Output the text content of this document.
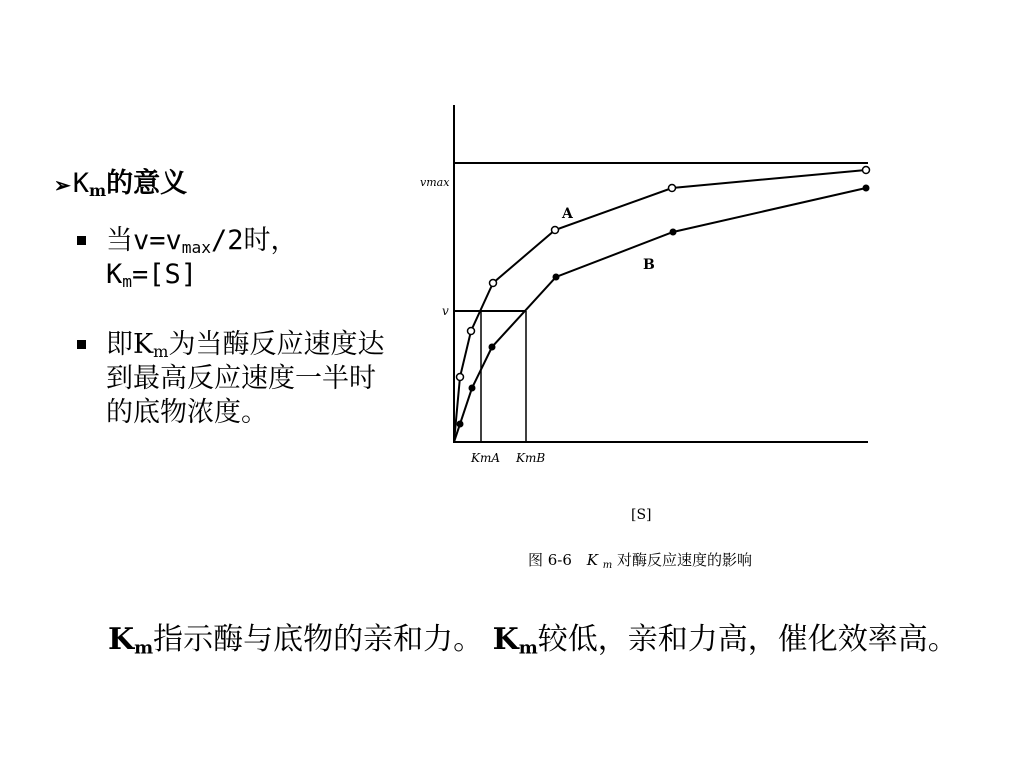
$➢K_m$的意义
当$v=v_{max}/2$时，
$K_m=[S]$
即$K_m$为当酶反应速度达到最高反应速度一半时的底物浓度。
vmax
v
A
B
KmA KmB
[S]
图 6-6 K $_m$ 对酶反应速度的影响
$K_m$指示酶与底物的亲和力。 $K_m$较低，亲和力高，催化效率高。
